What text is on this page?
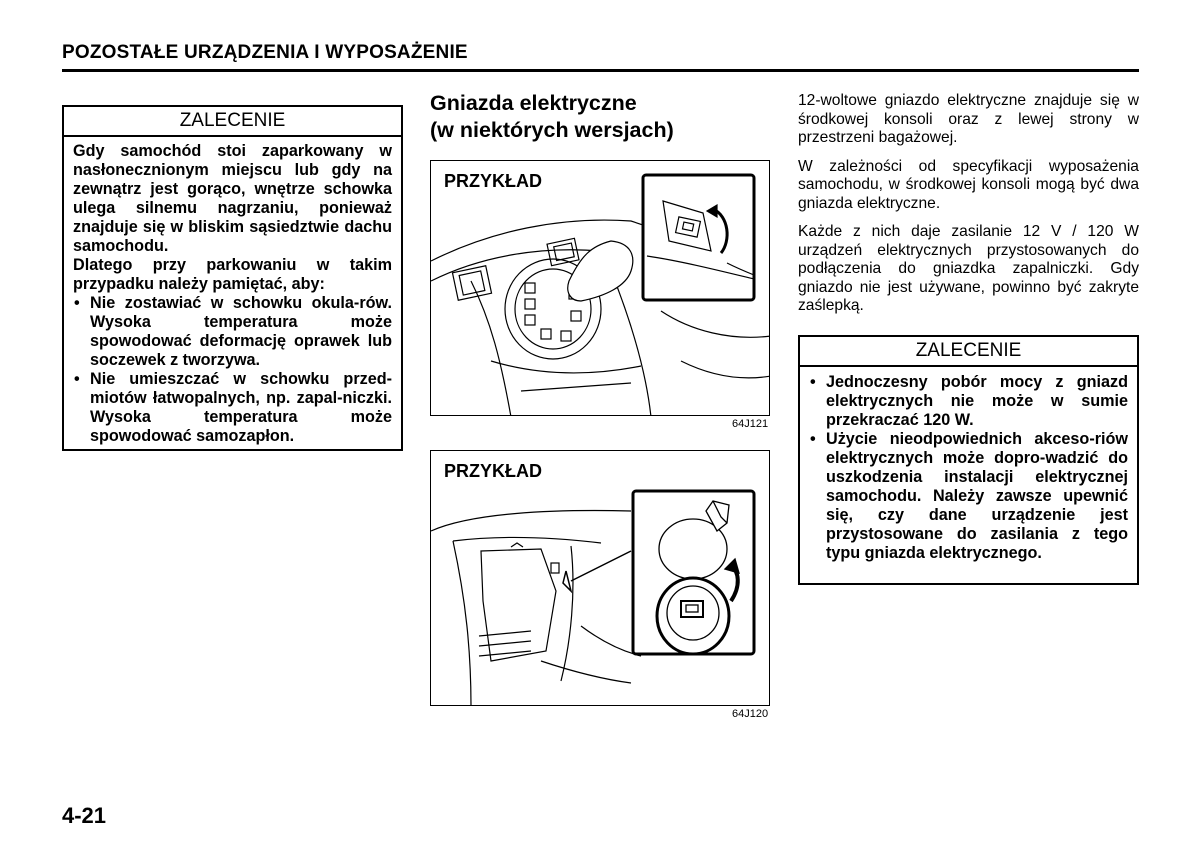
POZOSTAŁE URZĄDZENIA I WYPOSAŻENIE
ZALECENIE

Gdy samochód stoi zaparkowany w nasłonecznionym miejscu lub gdy na zewnątrz jest gorąco, wnętrze schowka ulega silnemu nagrzaniu, ponieważ znajduje się w bliskim sąsiedztwie dachu samochodu.

Dlatego przy parkowaniu w takim przypadku należy pamiętać, aby:

• Nie zostawiać w schowku okula-rów. Wysoka temperatura może spowodować deformację oprawek lub soczewek z tworzywa.
• Nie umieszczać w schowku przed-miotów łatwopalnych, np. zapal-niczki. Wysoka temperatura może spowodować samozapłon.
Gniazda elektryczne
(w niektórych wersjach)
PRZYKŁAD
64J121
PRZYKŁAD
64J120

12-woltowe gniazdo elektryczne znajduje się w środkowej konsoli oraz z lewej strony w przestrzeni bagażowej.

W zależności od specyfikacji wyposażenia samochodu, w środkowej konsoli mogą być dwa gniazda elektryczne.

Każde z nich daje zasilanie 12 V / 120 W urządzeń elektrycznych przystosowanych do podłączenia do gniazdka zapalniczki. Gdy gniazdo nie jest używane, powinno być zakryte zaślepką.

ZALECENIE
• Jednoczesny pobór mocy z gniazd elektrycznych nie może w sumie przekraczać 120 W.
• Użycie nieodpowiednich akceso-riów elektrycznych może dopro-wadzić do uszkodzenia instalacji elektrycznej samochodu. Należy zawsze upewnić się, czy dane urządzenie jest przystosowane do zasilania z tego typu gniazda elektrycznego.
4-21
